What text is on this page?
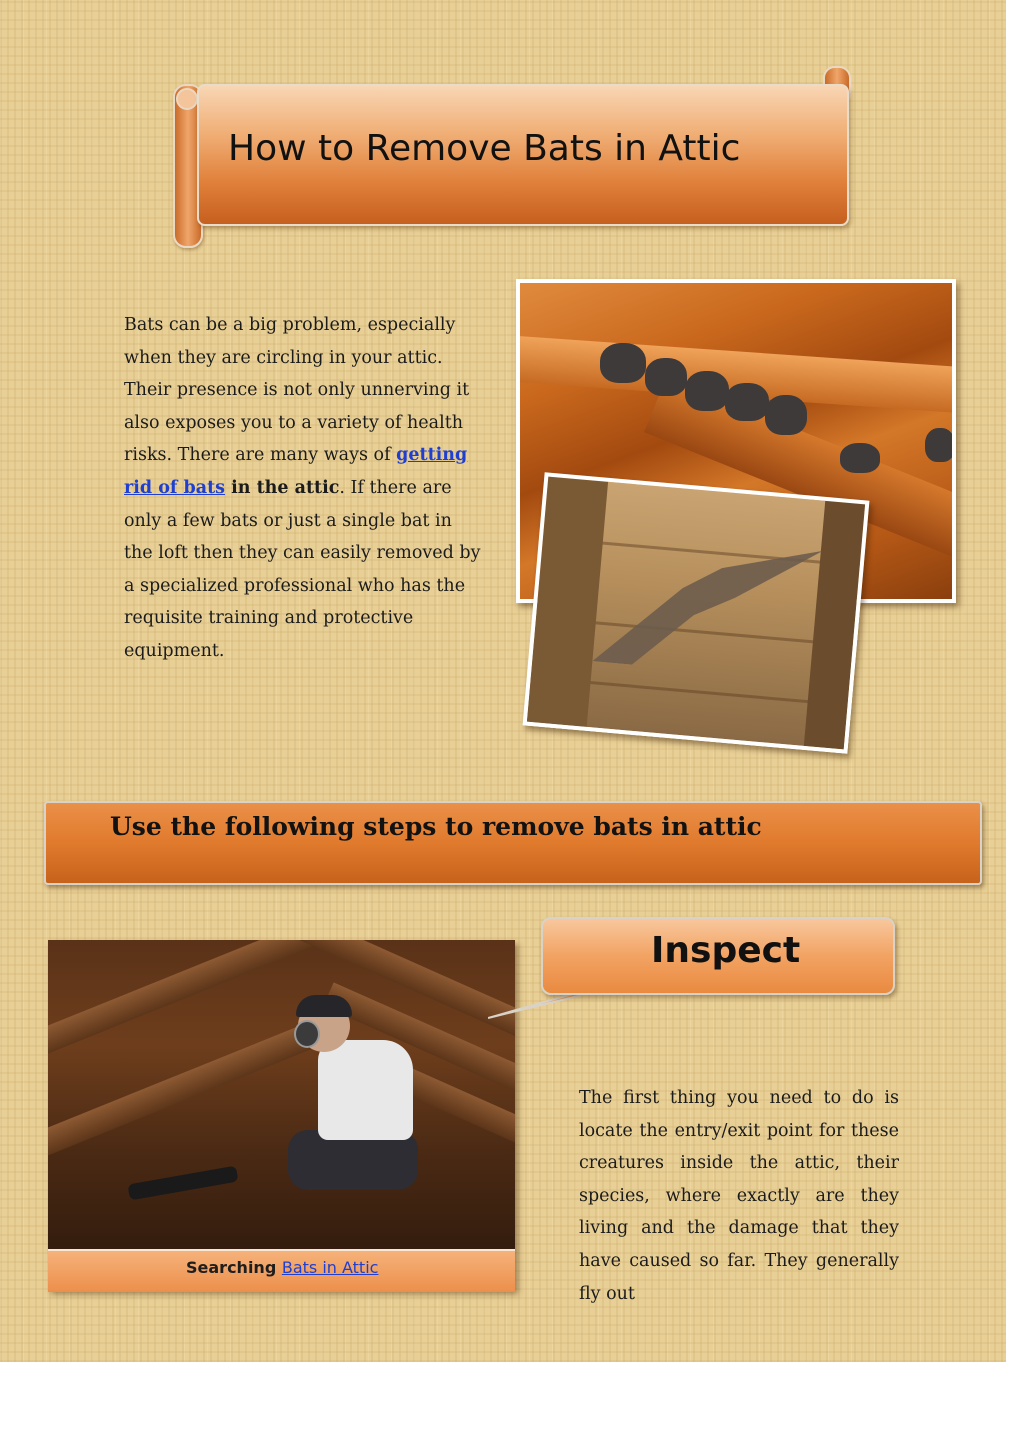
How to Remove Bats in Attic

Bats can be a big problem, especially when they are circling in your attic. Their presence is not only unnerving it also exposes you to a variety of health risks. There are many ways of getting rid of bats in the attic. If there are only a few bats or just a single bat in the loft then they can easily removed by a specialized professional who has the requisite training and protective equipment.

Use the following steps to remove bats in attic

Searching Bats in Attic

Inspect

The first thing you need to do is locate the entry/exit point for these creatures inside the attic, their species, where exactly are they living and the damage that they have caused so far. They generally fly out
